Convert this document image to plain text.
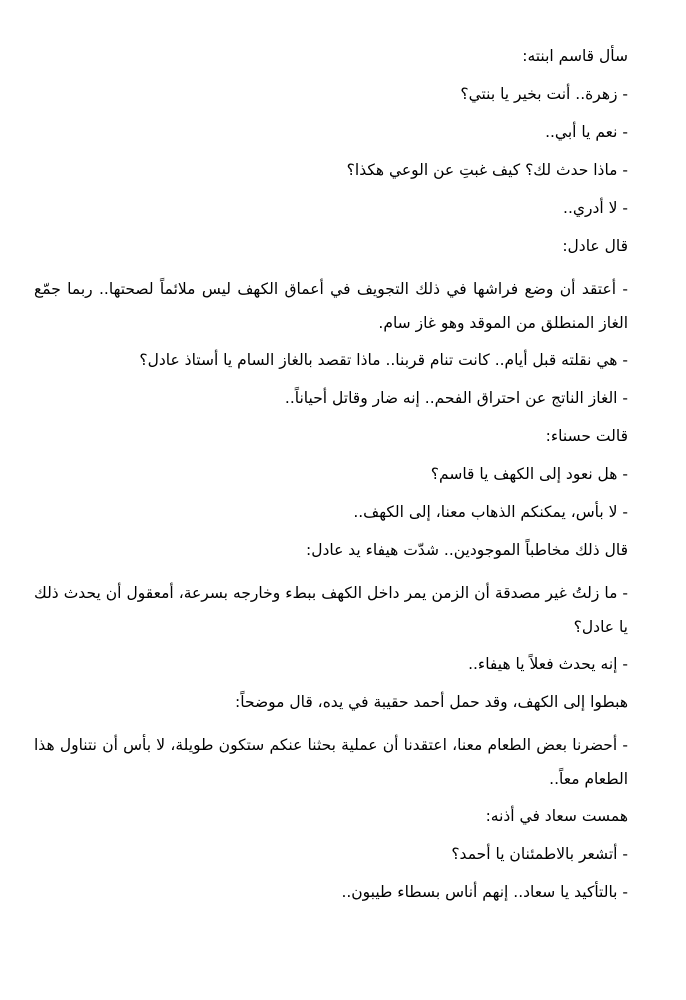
سأل قاسم ابنته:

- زهرة.. أنت بخير يا بنتي؟

- نعم يا أبي..

- ماذا حدث لك؟ كيف غبتِ عن الوعي هكذا؟

- لا أدري..

قال عادل:

- أعتقد أن وضع فراشها في ذلك التجويف في أعماق الكهف ليس ملائماً لصحتها.. ربما جمّع الغاز المنطلق من الموقد وهو غاز سام.

- هي نقلته قبل أيام.. كانت تنام قربنا.. ماذا تقصد بالغاز السام يا أستاذ عادل؟

- الغاز الناتج عن احتراق الفحم.. إنه ضار وقاتل أحياناً..

قالت حسناء:

- هل نعود إلى الكهف يا قاسم؟

- لا بأس، يمكنكم الذهاب معنا، إلى الكهف..

قال ذلك مخاطباً الموجودين.. شدّت هيفاء يد عادل:

- ما زلتُ غير مصدقة أن الزمن يمر داخل الكهف ببطء وخارجه بسرعة، أمعقول أن يحدث ذلك يا عادل؟

- إنه يحدث فعلاً يا هيفاء..

هبطوا إلى الكهف، وقد حمل أحمد حقيبة في يده، قال موضحاً:

- أحضرنا بعض الطعام معنا، اعتقدنا أن عملية بحثنا عنكم ستكون طويلة، لا بأس أن نتناول هذا الطعام معاً..

همست سعاد في أذنه:

- أتشعر بالاطمئنان يا أحمد؟

- بالتأكيد يا سعاد.. إنهم أناس بسطاء طيبون..
